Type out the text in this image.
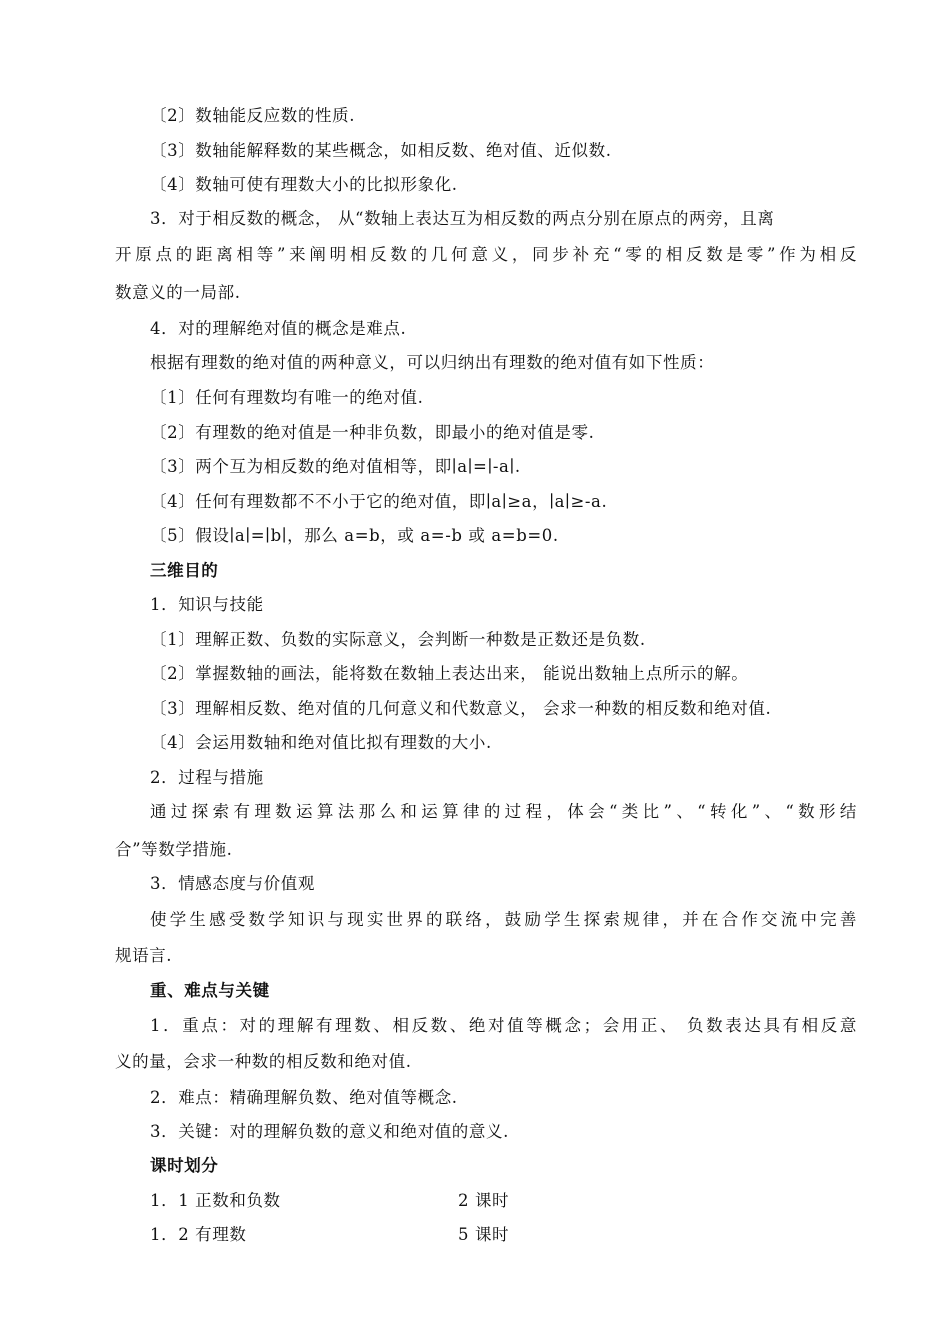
〔2〕数轴能反应数的性质.
〔3〕数轴能解释数的某些概念，如相反数、绝对值、近似数.
〔4〕数轴可使有理数大小的比拟形象化.
3．对于相反数的概念， 从“数轴上表达互为相反数的两点分别在原点的两旁，且离
开原点的距离相等”来阐明相反数的几何意义，同步补充“零的相反数是零”作为相反
数意义的一局部.
4．对的理解绝对值的概念是难点.
根据有理数的绝对值的两种意义，可以归纳出有理数的绝对值有如下性质：
〔1〕任何有理数均有唯一的绝对值.
〔2〕有理数的绝对值是一种非负数，即最小的绝对值是零.
〔3〕两个互为相反数的绝对值相等，即∣a∣=∣-a∣.
〔4〕任何有理数都不不小于它的绝对值，即∣a∣≥a，∣a∣≥-a.
〔5〕假设∣a∣=∣b∣，那么 a=b，或 a=-b 或 a=b=0.
三维目的
1．知识与技能
〔1〕理解正数、负数的实际意义，会判断一种数是正数还是负数.
〔2〕掌握数轴的画法，能将数在数轴上表达出来， 能说出数轴上点所示的解。
〔3〕理解相反数、绝对值的几何意义和代数意义， 会求一种数的相反数和绝对值.
〔4〕会运用数轴和绝对值比拟有理数的大小.
2．过程与措施
通过探索有理数运算法那么和运算律的过程，体会“类比”、“转化”、“数形结
合”等数学措施.
3．情感态度与价值观
使学生感受数学知识与现实世界的联络，鼓励学生探索规律，并在合作交流中完善
规语言.
重、难点与关键
1．重点：对的理解有理数、相反数、绝对值等概念；会用正、 负数表达具有相反意
义的量，会求一种数的相反数和绝对值.
2．难点：精确理解负数、绝对值等概念.
3．关键：对的理解负数的意义和绝对值的意义.
课时划分
1．1 正数和负数	2 课时
1．2 有理数	5 课时
